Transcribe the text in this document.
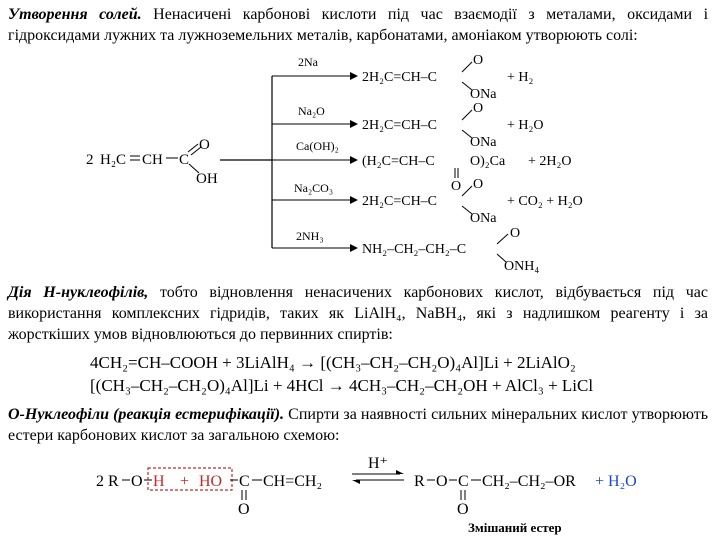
Утворення солей. Ненасичені карбонові кислоти під час взаємодії з металами, оксидами і гідроксидами лужних та лужноземельних металів, карбонатами, амоніаком утворюють солі:

2 H₂C CH C
O
OH
2Na
2H₂C=CH–C
O
ONa
+ H₂
Na₂O
2H₂C=CH–C
O
ONa
+ H₂O
Ca(OH)₂
(H₂C=CH–C
O
O)₂Ca + 2H₂O
Na₂CO₃
2H₂C=CH–C
O
ONa
+ CO₂ + H₂O
2NH₃
NH₂–CH₂–CH₂–C
O
ONH₄
2 R O H + HO C CH=CH₂
O
H⁺
R O C CH₂–CH₂–OR
O
+ H₂O
Змішаний естер

Дія Н-нуклеофілів, тобто відновлення ненасичених карбонових кислот, відбувається під час використання комплексних гідридів, таких як LiAlH₄, NaBH₄, які з надлишком реагенту і за жорсткіших умов відновлюються до первинних спиртів:

4CH₂=CH–COOH + 3LiAlH₄ → [(CH₃–CH₂–CH₂O)₄Al]Li + 2LiAlO₂
[(CH₃–CH₂–CH₂O)₄Al]Li + 4HCl → 4CH₃–CH₂–CH₂OH + AlCl₃ + LiCl

O-Нуклеофіли (реакція естерифікації). Спирти за наявності сильних мінеральних кислот утворюють естери карбонових кислот за загальною схемою:
